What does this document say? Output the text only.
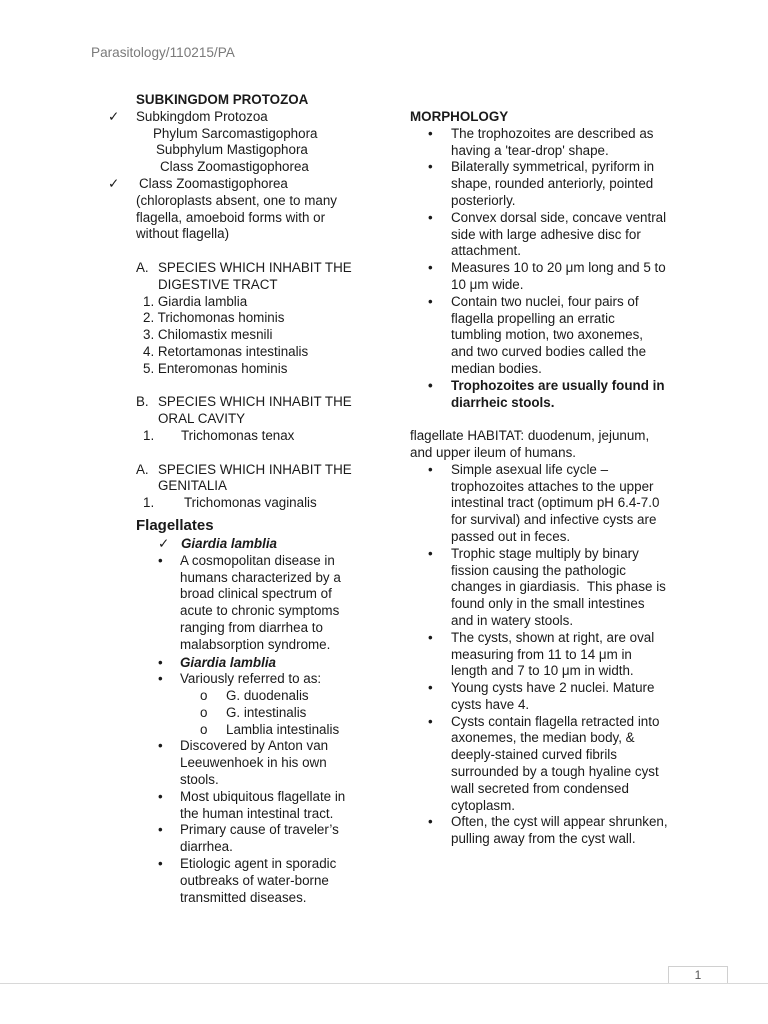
Parasitology/110215/PA
SUBKINGDOM PROTOZOA
✓	Subkingdom Protozoa
Phylum Sarcomastigophora
Subphylum Mastigophora
Class Zoomastigophorea
✓	Class Zoomastigophorea
(chloroplasts absent, one to many
flagella, amoeboid forms with or
without flagella)
A. SPECIES WHICH INHABIT THE
DIGESTIVE TRACT
1. Giardia lamblia
2. Trichomonas hominis
3. Chilomastix mesnili
4. Retortamonas intestinalis
5. Enteromonas hominis
B. SPECIES WHICH INHABIT THE
ORAL CAVITY
1.	Trichomonas tenax
A. SPECIES WHICH INHABIT THE
GENITALIA
1.	Trichomonas vaginalis
Flagellates
✓ Giardia lamblia
•	A cosmopolitan disease in
humans characterized by a
broad clinical spectrum of
acute to chronic symptoms
ranging from diarrhea to
malabsorption syndrome.
•	Giardia lamblia
•	Variously referred to as:
o	G. duodenalis
o	G. intestinalis
o	Lamblia intestinalis
•	Discovered by Anton van
Leeuwenhoek in his own
stools.
•	Most ubiquitous flagellate in
the human intestinal tract.
•	Primary cause of traveler’s
diarrhea.
•	Etiologic agent in sporadic
outbreaks of water-borne
transmitted diseases.
MORPHOLOGY
•	The trophozoites are described as
having a 'tear-drop' shape.
•	Bilaterally symmetrical, pyriform in
shape, rounded anteriorly, pointed
posteriorly.
•	Convex dorsal side, concave ventral
side with large adhesive disc for
attachment.
•	Measures 10 to 20 μm long and 5 to
10 μm wide.
•	Contain two nuclei, four pairs of
flagella propelling an erratic
tumbling motion, two axonemes,
and two curved bodies called the
median bodies.
•	Trophozoites are usually found in
diarrheic stools.
flagellate HABITAT: duodenum, jejunum,
and upper ileum of humans.
•	Simple asexual life cycle –
trophozoites attaches to the upper
intestinal tract (optimum pH 6.4-7.0
for survival) and infective cysts are
passed out in feces.
•	Trophic stage multiply by binary
fission causing the pathologic
changes in giardiasis.  This phase is
found only in the small intestines
and in watery stools.
•	The cysts, shown at right, are oval
measuring from 11 to 14 μm in
length and 7 to 10 μm in width.
•	Young cysts have 2 nuclei. Mature
cysts have 4.
•	Cysts contain flagella retracted into
axonemes, the median body, &
deeply-stained curved fibrils
surrounded by a tough hyaline cyst
wall secreted from condensed
cytoplasm.
•	Often, the cyst will appear shrunken,
pulling away from the cyst wall.
1
